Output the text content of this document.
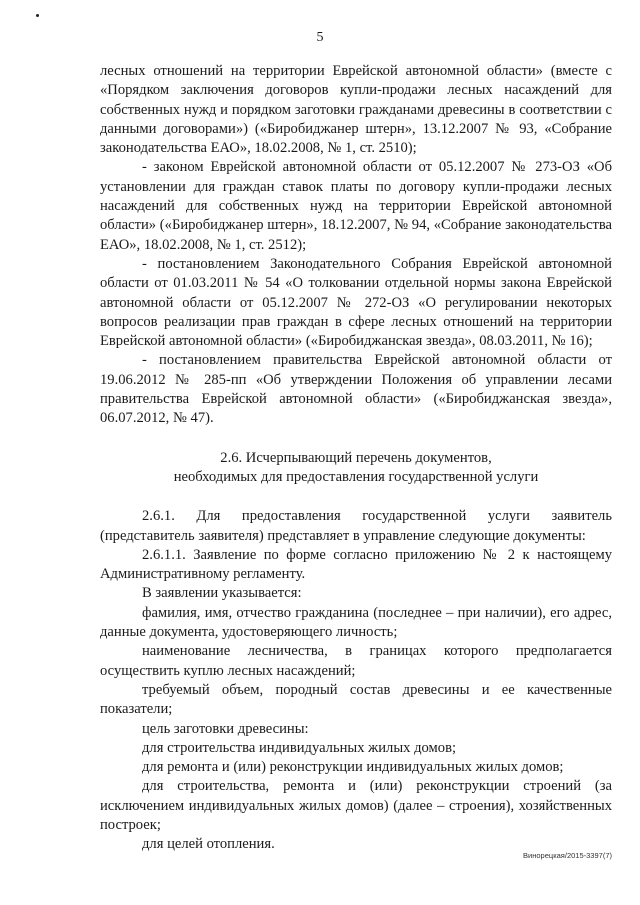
5

лесных отношений на территории Еврейской автономной области» (вместе с «Порядком заключения договоров купли-продажи лесных насаждений для собственных нужд и порядком заготовки гражданами древесины в соответствии с данными договорами») («Биробиджанер штерн», 13.12.2007 № 93, «Собрание законодательства ЕАО», 18.02.2008, № 1, ст. 2510);

- законом Еврейской автономной области от 05.12.2007 № 273-ОЗ «Об установлении для граждан ставок платы по договору купли-продажи лесных насаждений для собственных нужд на территории Еврейской автономной области» («Биробиджанер штерн», 18.12.2007, № 94, «Собрание законодательства ЕАО», 18.02.2008, № 1, ст. 2512);

- постановлением Законодательного Собрания Еврейской автономной области от 01.03.2011 № 54 «О толковании отдельной нормы закона Еврейской автономной области от 05.12.2007 № 272-ОЗ «О регулировании некоторых вопросов реализации прав граждан в сфере лесных отношений на территории Еврейской автономной области» («Биробиджанская звезда», 08.03.2011, № 16);

- постановлением правительства Еврейской автономной области от 19.06.2012 № 285-пп «Об утверждении Положения об управлении лесами правительства Еврейской автономной области» («Биробиджанская звезда», 06.07.2012, № 47).

2.6. Исчерпывающий перечень документов,
необходимых для предоставления государственной услуги

2.6.1. Для предоставления государственной услуги заявитель (представитель заявителя) представляет в управление следующие документы:

2.6.1.1. Заявление по форме согласно приложению № 2 к настоящему Административному регламенту.

В заявлении указывается:

фамилия, имя, отчество гражданина (последнее – при наличии), его адрес, данные документа, удостоверяющего личность;

наименование лесничества, в границах которого предполагается осуществить куплю лесных насаждений;

требуемый объем, породный состав древесины и ее качественные показатели;

цель заготовки древесины:

для строительства индивидуальных жилых домов;

для ремонта и (или) реконструкции индивидуальных жилых домов;

для строительства, ремонта и (или) реконструкции строений (за исключением индивидуальных жилых домов) (далее – строения), хозяйственных построек;

для целей отопления.

Винорецкая/2015-3397(7)
